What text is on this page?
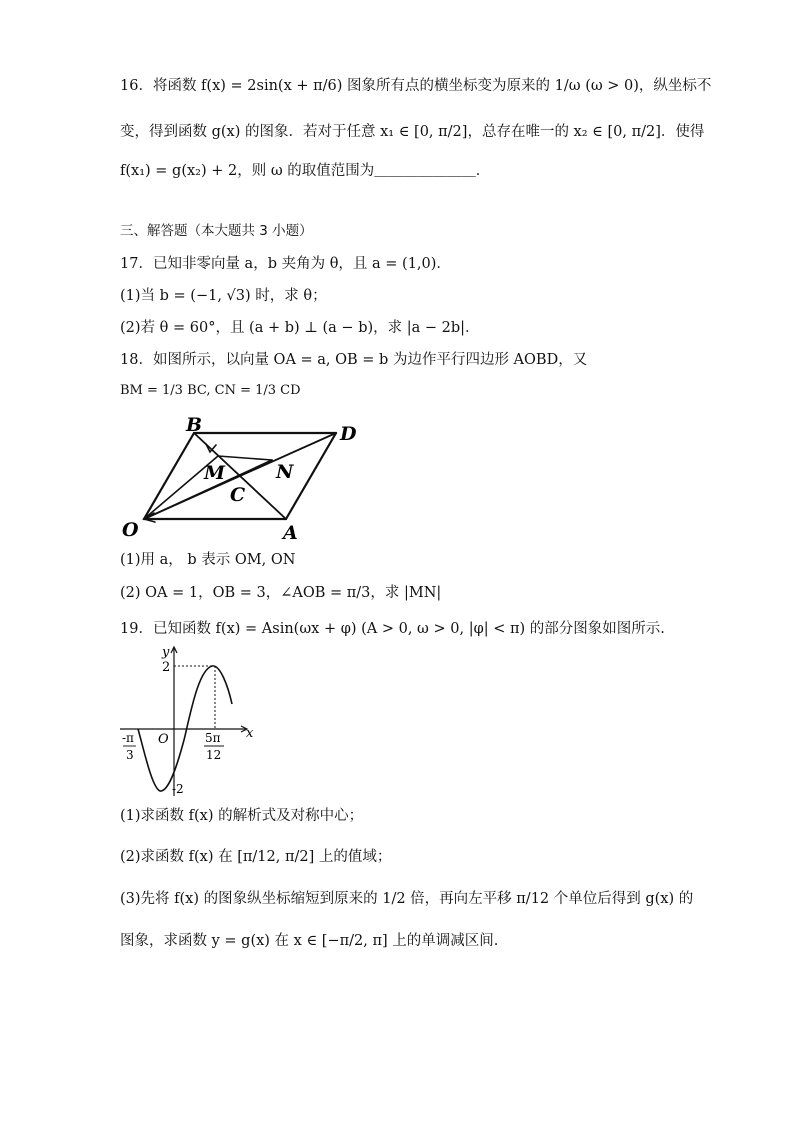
16．将函数 f(x) = 2sin(x + π/6) 图象所有点的横坐标变为原来的 1/ω (ω > 0)，纵坐标不
变，得到函数 g(x) 的图象．若对于任意 x₁ ∈ [0, π/2]，总存在唯一的 x₂ ∈ [0, π/2]．使得
f(x₁) = g(x₂) + 2，则 ω 的取值范围为＿＿＿＿＿＿＿．
三、解答题（本大题共 3 小题）
17．已知非零向量 a，b 夹角为 θ，且 a = (1,0)．
(1)当 b = (−1, √3) 时，求 θ；
(2)若 θ = 60°，且 (a + b) ⊥ (a − b)，求 |a − 2b|．
18．如图所示，以向量 OA = a, OB = b 为边作平行四边形 AOBD，又
BM = 1/3 BC, CN = 1/3 CD
B	D
M	N
C
O	A
(1)用 a， b 表示 OM, ON
(2) OA = 1，OB = 3，∠AOB = π/3，求 |MN|
19．已知函数 f(x) = Asin(ωx + φ) (A > 0, ω > 0, |φ| < π) 的部分图象如图所示.
y
x
O
2
-2
-π
3
5π
12
(1)求函数 f(x) 的解析式及对称中心；
(2)求函数 f(x) 在 [π/12, π/2] 上的值域；
(3)先将 f(x) 的图象纵坐标缩短到原来的 1/2 倍，再向左平移 π/12 个单位后得到 g(x) 的
图象，求函数 y = g(x) 在 x ∈ [−π/2, π] 上的单调减区间.
